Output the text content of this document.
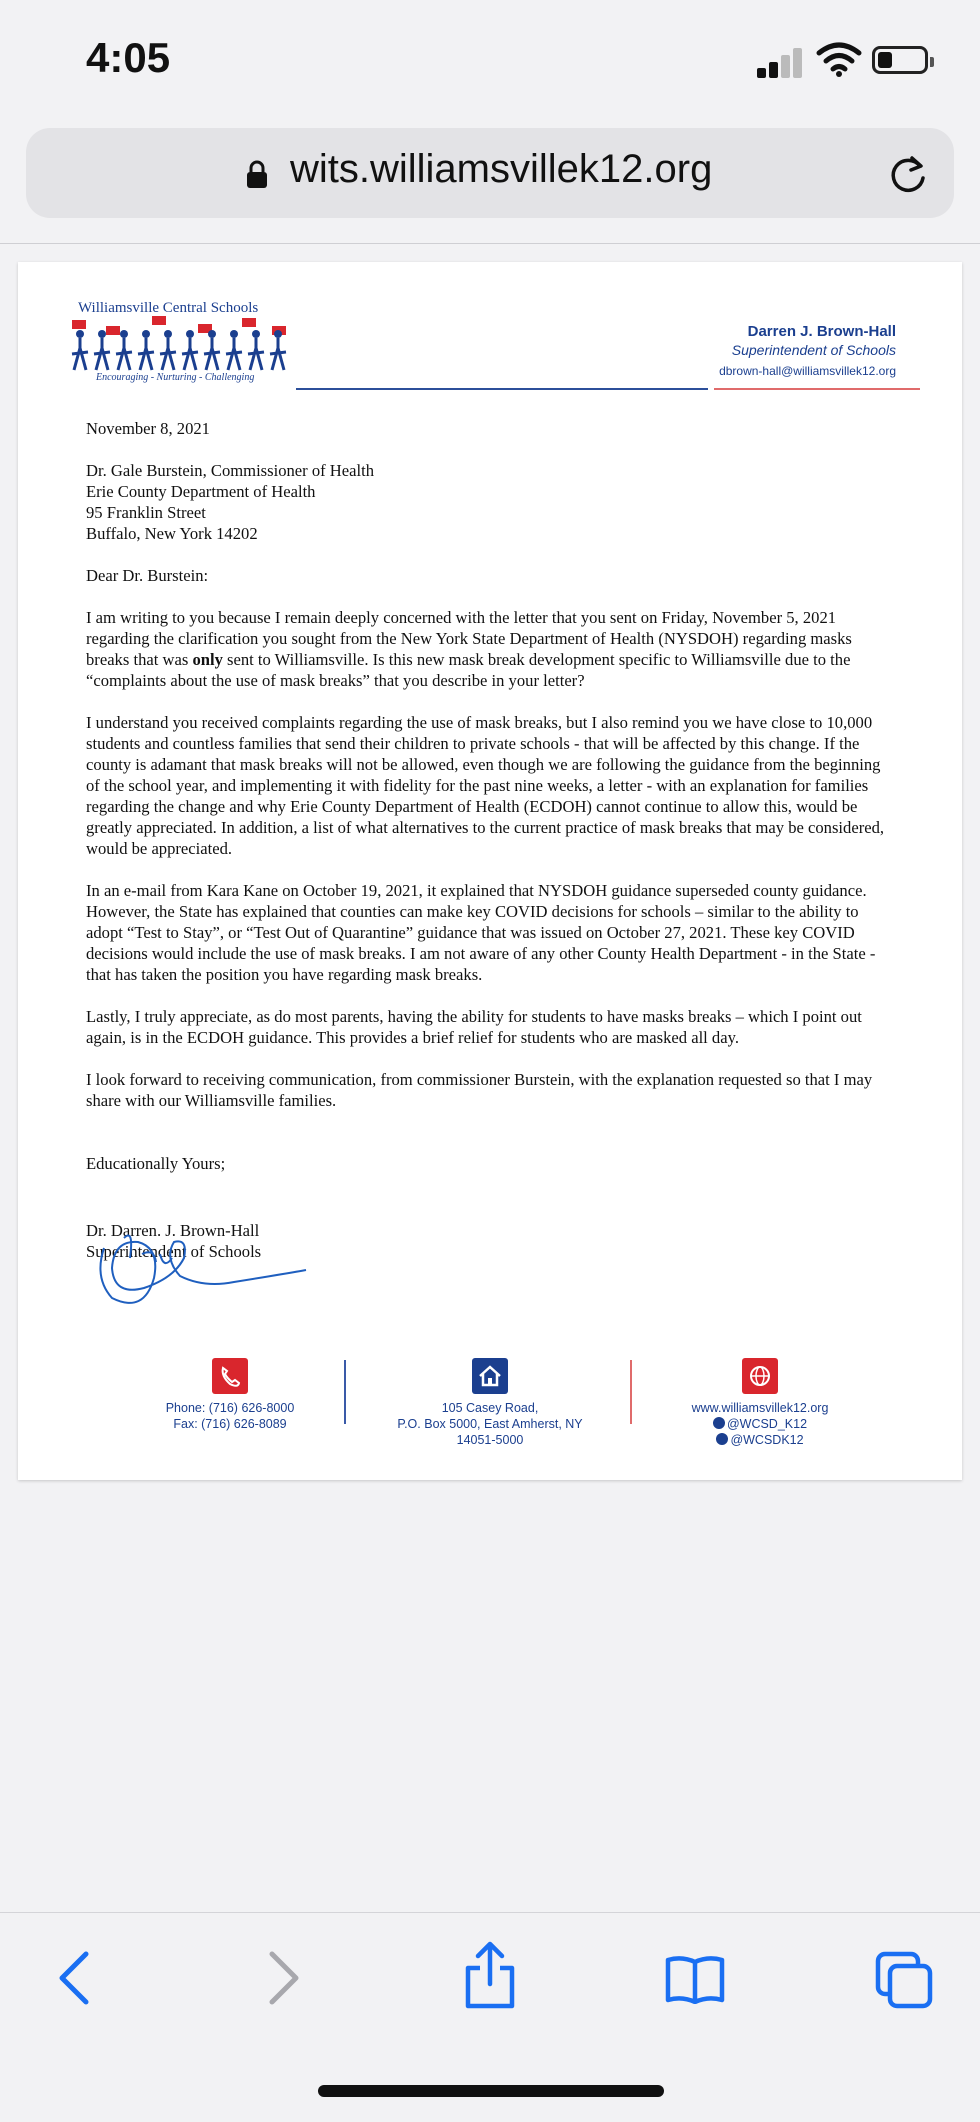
4:05
wits.williamsvillek12.org
Williamsville Central Schools
Encouraging - Nurturing - Challenging
Darren J. Brown-Hall
Superintendent of Schools
dbrown-hall@williamsvillek12.org

November 8, 2021

Dr. Gale Burstein, Commissioner of Health
Erie County Department of Health
95 Franklin Street
Buffalo, New York 14202

Dear Dr. Burstein:

I am writing to you because I remain deeply concerned with the letter that you sent on Friday, November 5, 2021 regarding the clarification you sought from the New York State Department of Health (NYSDOH) regarding masks breaks that was only sent to Williamsville. Is this new mask break development specific to Williamsville due to the “complaints about the use of mask breaks” that you describe in your letter?

I understand you received complaints regarding the use of mask breaks, but I also remind you we have close to 10,000 students and countless families that send their children to private schools - that will be affected by this change. If the county is adamant that mask breaks will not be allowed, even though we are following the guidance from the beginning of the school year, and implementing it with fidelity for the past nine weeks, a letter - with an explanation for families regarding the change and why Erie County Department of Health (ECDOH) cannot continue to allow this, would be greatly appreciated. In addition, a list of what alternatives to the current practice of mask breaks that may be considered, would be appreciated.

In an e-mail from Kara Kane on October 19, 2021, it explained that NYSDOH guidance superseded county guidance. However, the State has explained that counties can make key COVID decisions for schools – similar to the ability to adopt “Test to Stay”, or “Test Out of Quarantine” guidance that was issued on October 27, 2021. These key COVID decisions would include the use of mask breaks. I am not aware of any other County Health Department - in the State - that has taken the position you have regarding mask breaks.

Lastly, I truly appreciate, as do most parents, having the ability for students to have masks breaks – which I point out again, is in the ECDOH guidance. This provides a brief relief for students who are masked all day.

I look forward to receiving communication, from commissioner Burstein, with the explanation requested so that I may share with our Williamsville families.

Educationally Yours;

Dr. Darren. J. Brown-Hall
Superintendent of Schools
Phone: (716) 626-8000
Fax: (716) 626-8089
105 Casey Road,
P.O. Box 5000, East Amherst, NY
14051-5000
www.williamsvillek12.org
@WCSD_K12
@WCSDK12
